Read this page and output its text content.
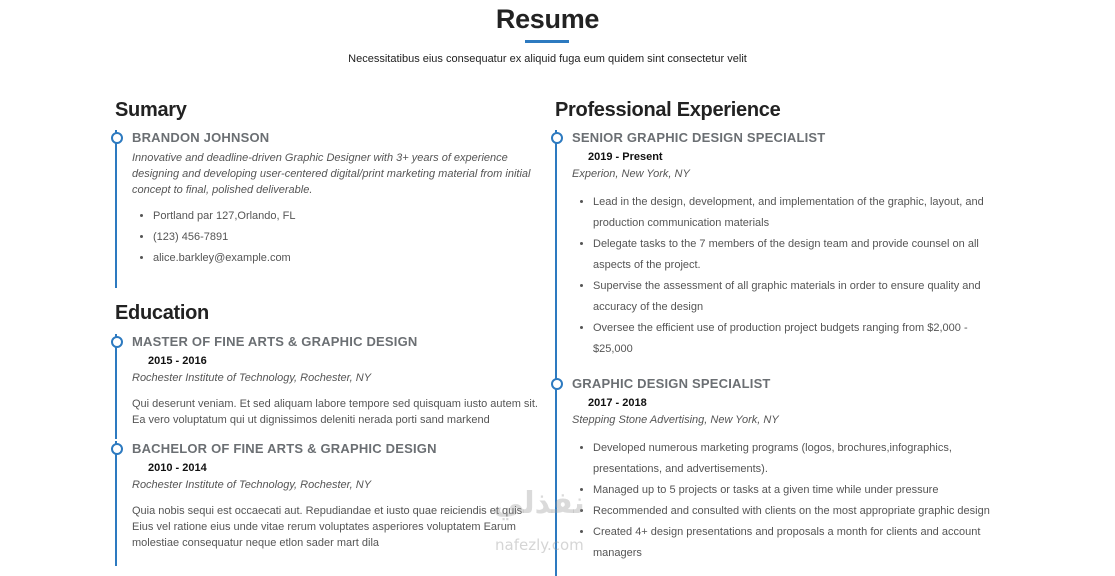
Resume
Necessitatibus eius consequatur ex aliquid fuga eum quidem sint consectetur velit
Sumary
BRANDON JOHNSON
Innovative and deadline-driven Graphic Designer with 3+ years of experience designing and developing user-centered digital/print marketing material from initial concept to final, polished deliverable.
• Portland par 127,Orlando, FL
• (123) 456-7891
• alice.barkley@example.com
Education
MASTER OF FINE ARTS & GRAPHIC DESIGN
2015 - 2016
Rochester Institute of Technology, Rochester, NY
Qui deserunt veniam. Et sed aliquam labore tempore sed quisquam iusto autem sit. Ea vero voluptatum qui ut dignissimos deleniti nerada porti sand markend
BACHELOR OF FINE ARTS & GRAPHIC DESIGN
2010 - 2014
Rochester Institute of Technology, Rochester, NY
Quia nobis sequi est occaecati aut. Repudiandae et iusto quae reiciendis et quis Eius vel ratione eius unde vitae rerum voluptates asperiores voluptatem Earum molestiae consequatur neque etlon sader mart dila
Professional Experience
SENIOR GRAPHIC DESIGN SPECIALIST
2019 - Present
Experion, New York, NY
• Lead in the design, development, and implementation of the graphic, layout, and production communication materials
• Delegate tasks to the 7 members of the design team and provide counsel on all aspects of the project.
• Supervise the assessment of all graphic materials in order to ensure quality and accuracy of the design
• Oversee the efficient use of production project budgets ranging from $2,000 - $25,000
GRAPHIC DESIGN SPECIALIST
2017 - 2018
Stepping Stone Advertising, New York, NY
• Developed numerous marketing programs (logos, brochures,infographics, presentations, and advertisements).
• Managed up to 5 projects or tasks at a given time while under pressure
• Recommended and consulted with clients on the most appropriate graphic design
• Created 4+ design presentations and proposals a month for clients and account managers
نفذلي
nafezly.com
